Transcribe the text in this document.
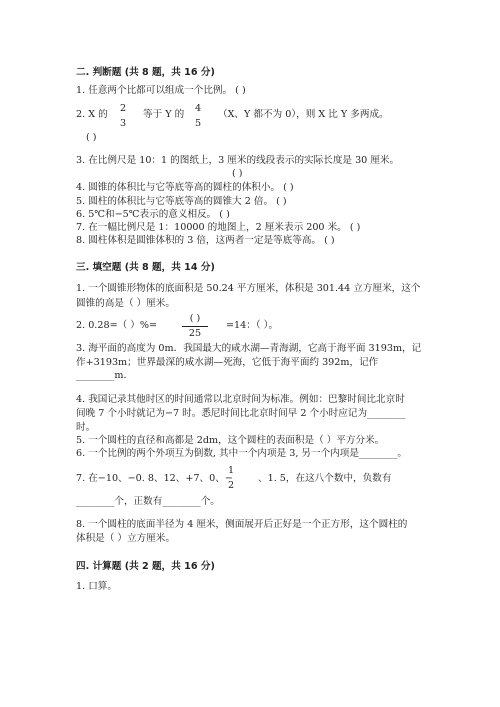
二. 判断题 (共 8 题，共 16 分)
1. 任意两个比都可以组成一个比例。 ( )
2. X 的
2
3
等于 Y 的
4
5
（X、Y 都不为 0），则 X 比 Y 多两成。
( )
3. 在比例尺是 10：1 的图纸上，3 厘米的线段表示的实际长度是 30 厘米。
( )
4. 圆锥的体积比与它等底等高的圆柱的体积小。 ( )
5. 圆柱的体积比与它等底等高的圆锥大 2 倍。 ( )
6. 5℃和−5℃表示的意义相反。 ( )
7. 在一幅比例尺是 1：10000 的地图上，2 厘米表示 200 米。 ( )
8. 圆柱体积是圆锥体积的 3 倍，这两者一定是等底等高。 ( )
三. 填空题 (共 8 题，共 14 分)
1. 一个圆锥形物体的底面积是 50.24 平方厘米，体积是 301.44 立方厘米，这个
圆锥的高是（ ）厘米。
2. 0.28=（ ）%=
( )
25
=14：（ ）。
3. 海平面的高度为 0m．我国最大的咸水湖—青海湖，它高于海平面 3193m，记
作+3193m；世界最深的咸水湖—死海，它低于海平面约 392m，记作
________m．
4. 我国记录其他时区的时间通常以北京时间为标准。例如：巴黎时间比北京时
间晚 7 个小时就记为−7 时。悉尼时间比北京时间早 2 个小时应记为________
时。
5. 一个圆柱的直径和高都是 2dm，这个圆柱的表面积是（ ）平方分米。
6. 一个比例的两个外项互为倒数, 其中一个内项是 3, 另一个内项是________。
7. 在−10、−0. 8、12、+7、0、−
1
2
、1. 5，在这八个数中，负数有
________个，正数有________个。
8. 一个圆柱的底面半径为 4 厘米，侧面展开后正好是一个正方形，这个圆柱的
体积是（ ）立方厘米。
四. 计算题 (共 2 题，共 16 分)
1. 口算。
